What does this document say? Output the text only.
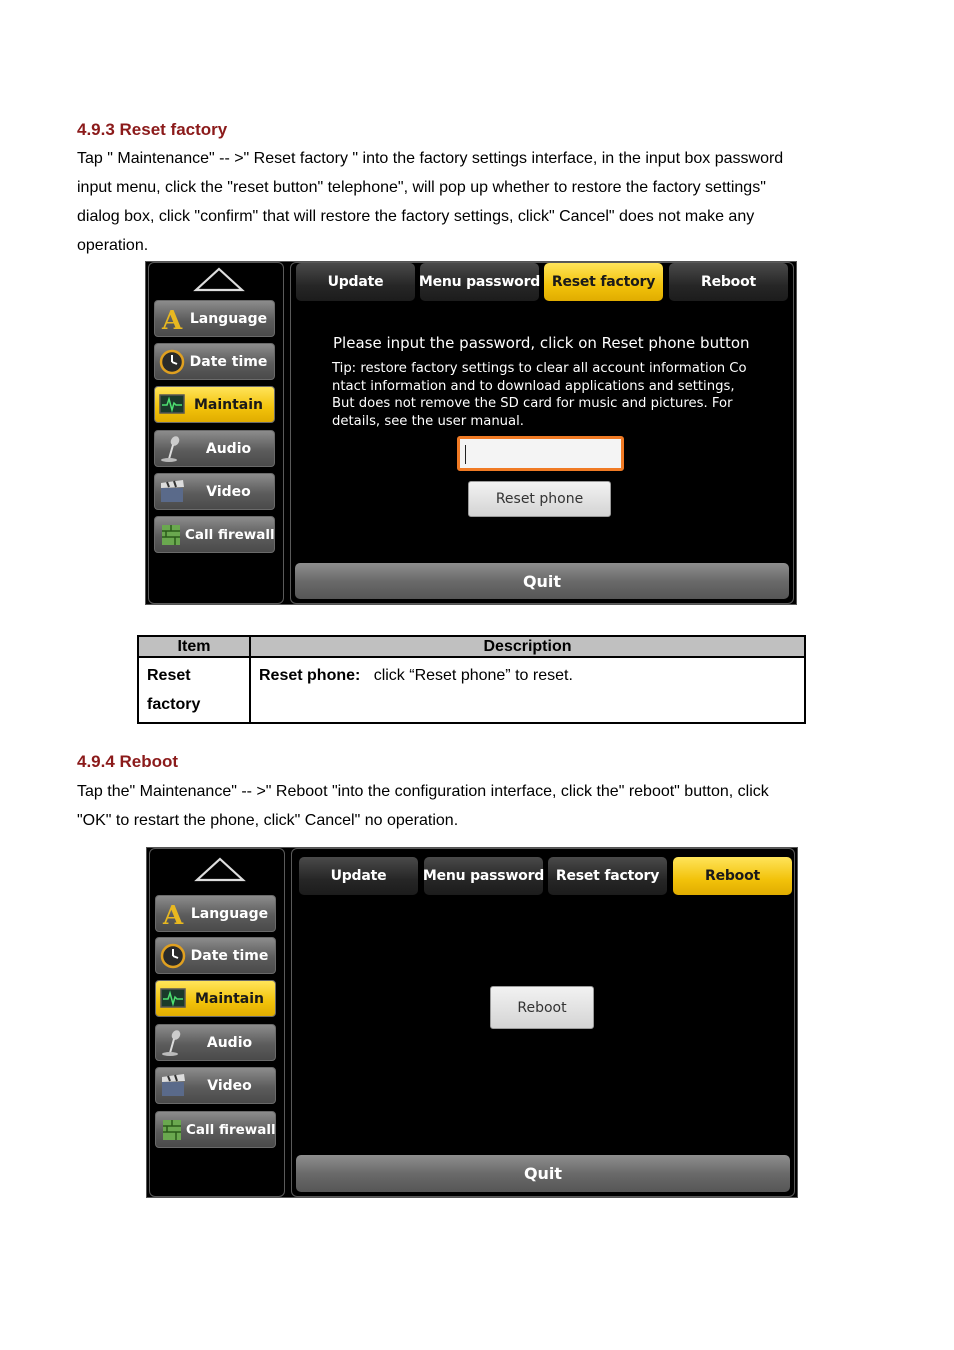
4.9.3 Reset factory
Tap " Maintenance" -- >" Reset factory " into the factory settings interface, in the input box password
input menu, click the "reset button" telephone", will pop up whether to restore the factory settings"
dialog box, click "confirm" that will restore the factory settings, click" Cancel" does not make any
operation.
A Language
Date time
Maintain
Audio
Video
Call firewall
Update	Menu password Reset factory	Reboot
Please input the password, click on Reset phone button
Tip: restore factory settings to clear all account information Co
ntact information and to download applications and settings,
But does not remove the SD card for music and pictures. For
details, see the user manual.
Reset phone
Quit
Item	Description

Reset
factory	Reset phone: click “Reset phone” to reset.
4.9.4 Reboot
Tap the" Maintenance" -- >" Reboot "into the configuration interface, click the" reboot" button, click
"OK" to restart the phone, click" Cancel" no operation.
A Language
Date time
Maintain
Audio
Video
Call firewall
Update	Menu password Reset factory	Reboot
Reboot
Quit
